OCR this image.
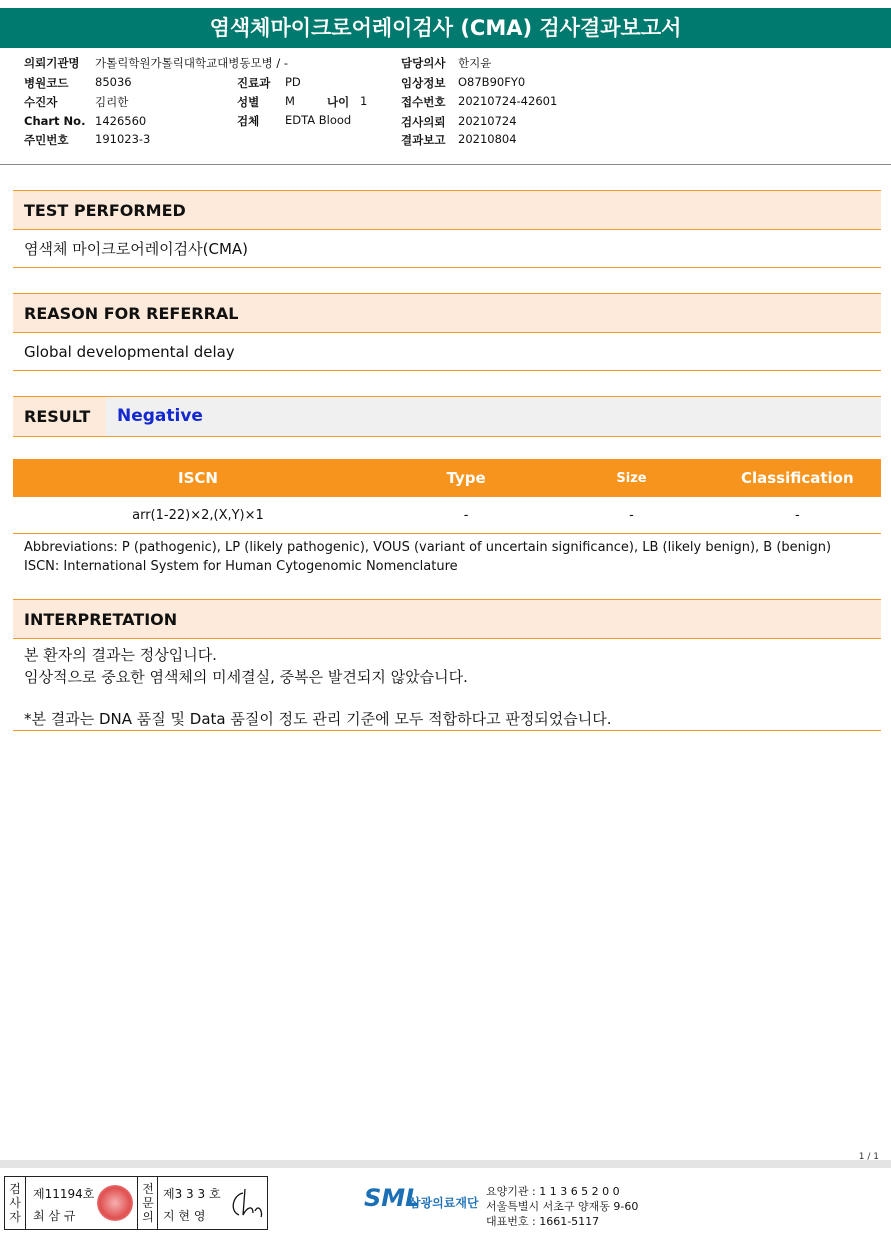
염색체마이크로어레이검사 (CMA) 검사결과보고서
의뢰기관명 가톨릭학원가톨릭대학교대병동모병 / -
병원코드 85036
수진자	김리한
Chart No. 1426560
주민번호 191023-3
진료과 PD
성별 M	나이 1
검체 EDTA Blood
담당의사 한지윤
임상정보 O87B90FY0
접수번호 20210724-42601
검사의뢰 20210724
결과보고 20210804
TEST PERFORMED
염색체 마이크로어레이검사(CMA)
REASON FOR REFERRAL
Global developmental delay
RESULT	Negative
ISCN	Type	Size	Classification
arr(1-22)×2,(X,Y)×1	-	-	-
Abbreviations: P (pathogenic), LP (likely pathogenic), VOUS (variant of uncertain significance), LB (likely benign), B (benign)
ISCN: International System for Human Cytogenomic Nomenclature
INTERPRETATION
본 환자의 결과는 정상입니다.
임상적으로 중요한 염색체의 미세결실, 중복은 발견되지 않았습니다.
*본 결과는 DNA 품질 및 Data 품질이 정도 관리 기준에 모두 적합하다고 판정되었습니다.
1 / 1
검사자
제11194호
최 삼 규
전문의
제3 3 3 호
지 현 영
SML
삼광의료재단
요양기관 : 1 1 3 6 5 2 0 0
서울특별시 서초구 양재동 9-60
대표번호 : 1661-5117
